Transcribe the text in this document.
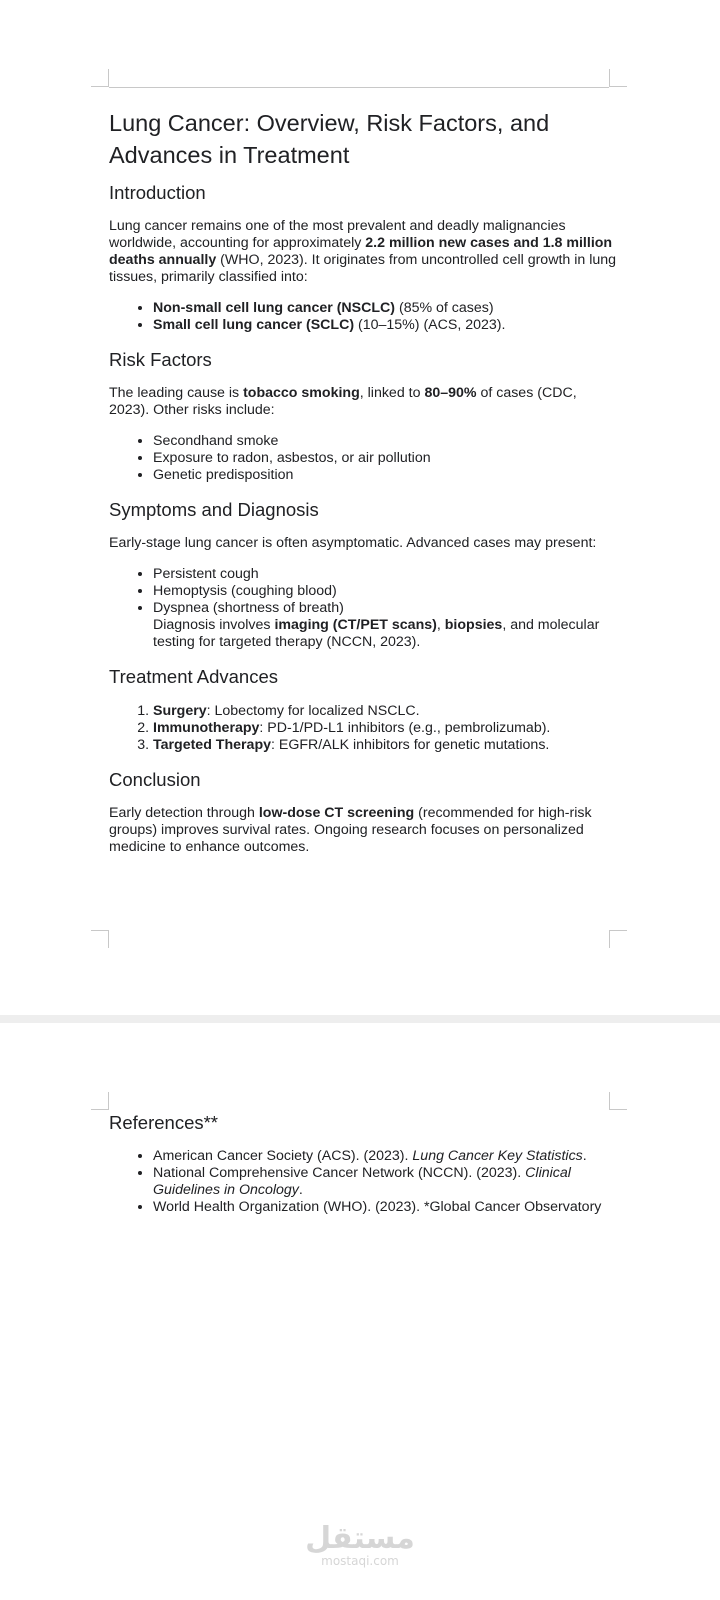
Lung Cancer: Overview, Risk Factors, and Advances in Treatment
Introduction

Lung cancer remains one of the most prevalent and deadly malignancies worldwide, accounting for approximately 2.2 million new cases and 1.8 million deaths annually (WHO, 2023). It originates from uncontrolled cell growth in lung tissues, primarily classified into:

• Non-small cell lung cancer (NSCLC) (85% of cases)
• Small cell lung cancer (SCLC) (10–15%) (ACS, 2023).
Risk Factors

The leading cause is tobacco smoking, linked to 80–90% of cases (CDC, 2023). Other risks include:

• Secondhand smoke
• Exposure to radon, asbestos, or air pollution
• Genetic predisposition
Symptoms and Diagnosis

Early-stage lung cancer is often asymptomatic. Advanced cases may present:

• Persistent cough
• Hemoptysis (coughing blood)
• Dyspnea (shortness of breath)
Diagnosis involves imaging (CT/PET scans), biopsies, and molecular testing for targeted therapy (NCCN, 2023).
Treatment Advances
1. Surgery: Lobectomy for localized NSCLC.
2. Immunotherapy: PD-1/PD-L1 inhibitors (e.g., pembrolizumab).
3. Targeted Therapy: EGFR/ALK inhibitors for genetic mutations.
Conclusion

Early detection through low-dose CT screening (recommended for high-risk groups) improves survival rates. Ongoing research focuses on personalized medicine to enhance outcomes.

References**
• American Cancer Society (ACS). (2023). Lung Cancer Key Statistics.
• National Comprehensive Cancer Network (NCCN). (2023). Clinical Guidelines in Oncology.
• World Health Organization (WHO). (2023). *Global Cancer Observatory
مستقل
mostaqi.com
